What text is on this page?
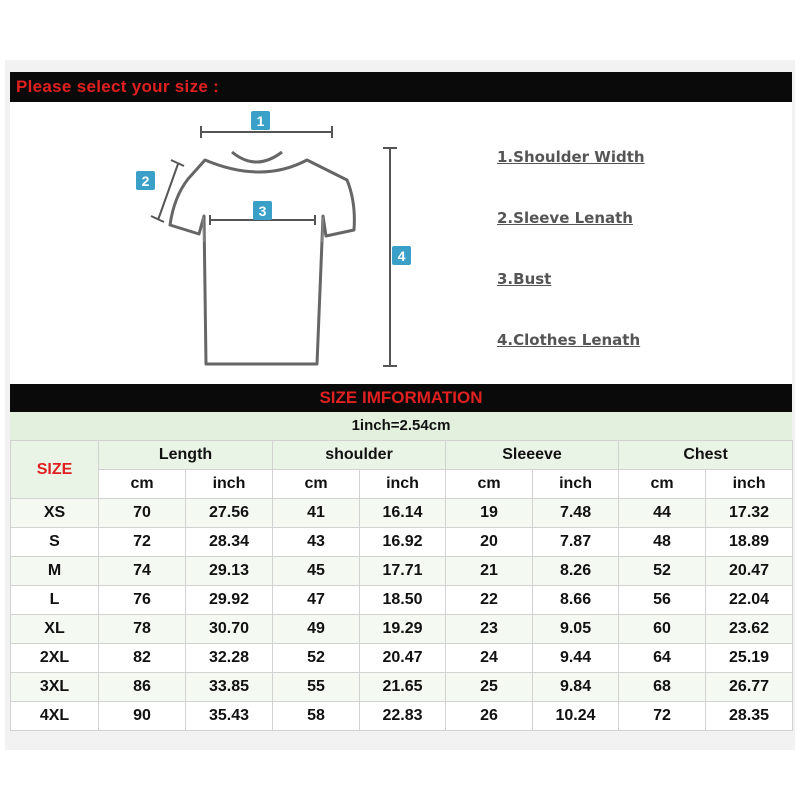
Please select your size :
1
2
3
4
1.Shoulder Width
2.Sleeve Lenath
3.Bust
4.Clothes Lenath
SIZE IMFORMATION
1inch=2.54cm
SIZE	Length		shoulder		Sleeeve		Chest	
	cm	inch	cm	inch	cm	inch	cm	inch
XS	70	27.56	41	16.14	19	7.48	44	17.32
S	72	28.34	43	16.92	20	7.87	48	18.89
M	74	29.13	45	17.71	21	8.26	52	20.47
L	76	29.92	47	18.50	22	8.66	56	22.04
XL	78	30.70	49	19.29	23	9.05	60	23.62
2XL	82	32.28	52	20.47	24	9.44	64	25.19
3XL	86	33.85	55	21.65	25	9.84	68	26.77
4XL	90	35.43	58	22.83	26	10.24	72	28.35
